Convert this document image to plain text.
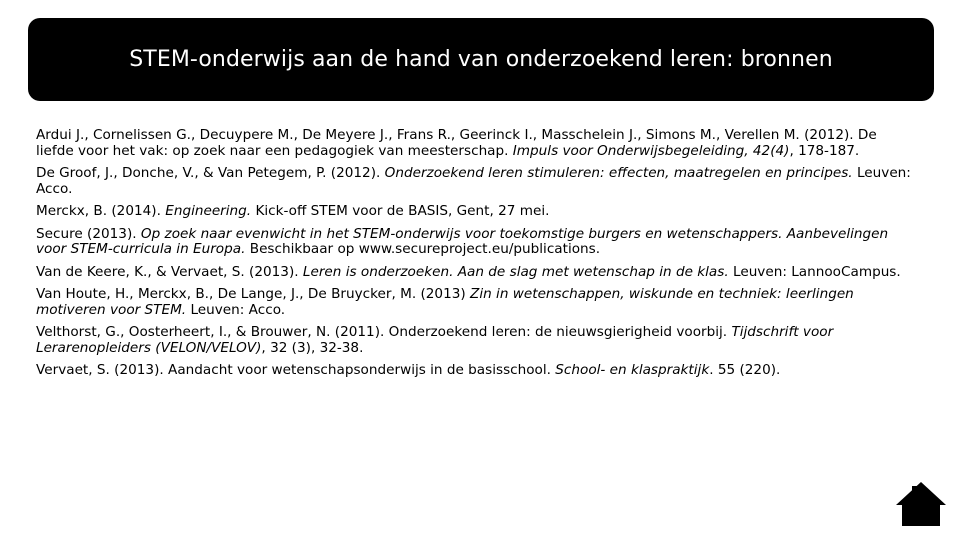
STEM-onderwijs aan de hand van onderzoekend leren: bronnen

Ardui J., Cornelissen G., Decuypere M., De Meyere J., Frans R., Geerinck I., Masschelein J., Simons M., Verellen M. (2012). De liefde voor het vak: op zoek naar een pedagogiek van meesterschap. Impuls voor Onderwijsbegeleiding, 42(4), 178-187.

De Groof, J., Donche, V., & Van Petegem, P. (2012). Onderzoekend leren stimuleren: effecten, maatregelen en principes. Leuven: Acco.

Merckx, B. (2014). Engineering. Kick-off STEM voor de BASIS, Gent, 27 mei.

Secure (2013). Op zoek naar evenwicht in het STEM-onderwijs voor toekomstige burgers en wetenschappers. Aanbevelingen voor STEM-curricula in Europa. Beschikbaar op www.secureproject.eu/publications.

Van de Keere, K., & Vervaet, S. (2013). Leren is onderzoeken. Aan de slag met wetenschap in de klas. Leuven: LannooCampus.

Van Houte, H., Merckx, B., De Lange, J., De Bruycker, M. (2013) Zin in wetenschappen, wiskunde en techniek: leerlingen motiveren voor STEM. Leuven: Acco.

Velthorst, G., Oosterheert, I., & Brouwer, N. (2011). Onderzoekend leren: de nieuwsgierigheid voorbij. Tijdschrift voor Lerarenopleiders (VELON/VELOV), 32 (3), 32-38.

Vervaet, S. (2013). Aandacht voor wetenschapsonderwijs in de basisschool. School- en klaspraktijk. 55 (220).
